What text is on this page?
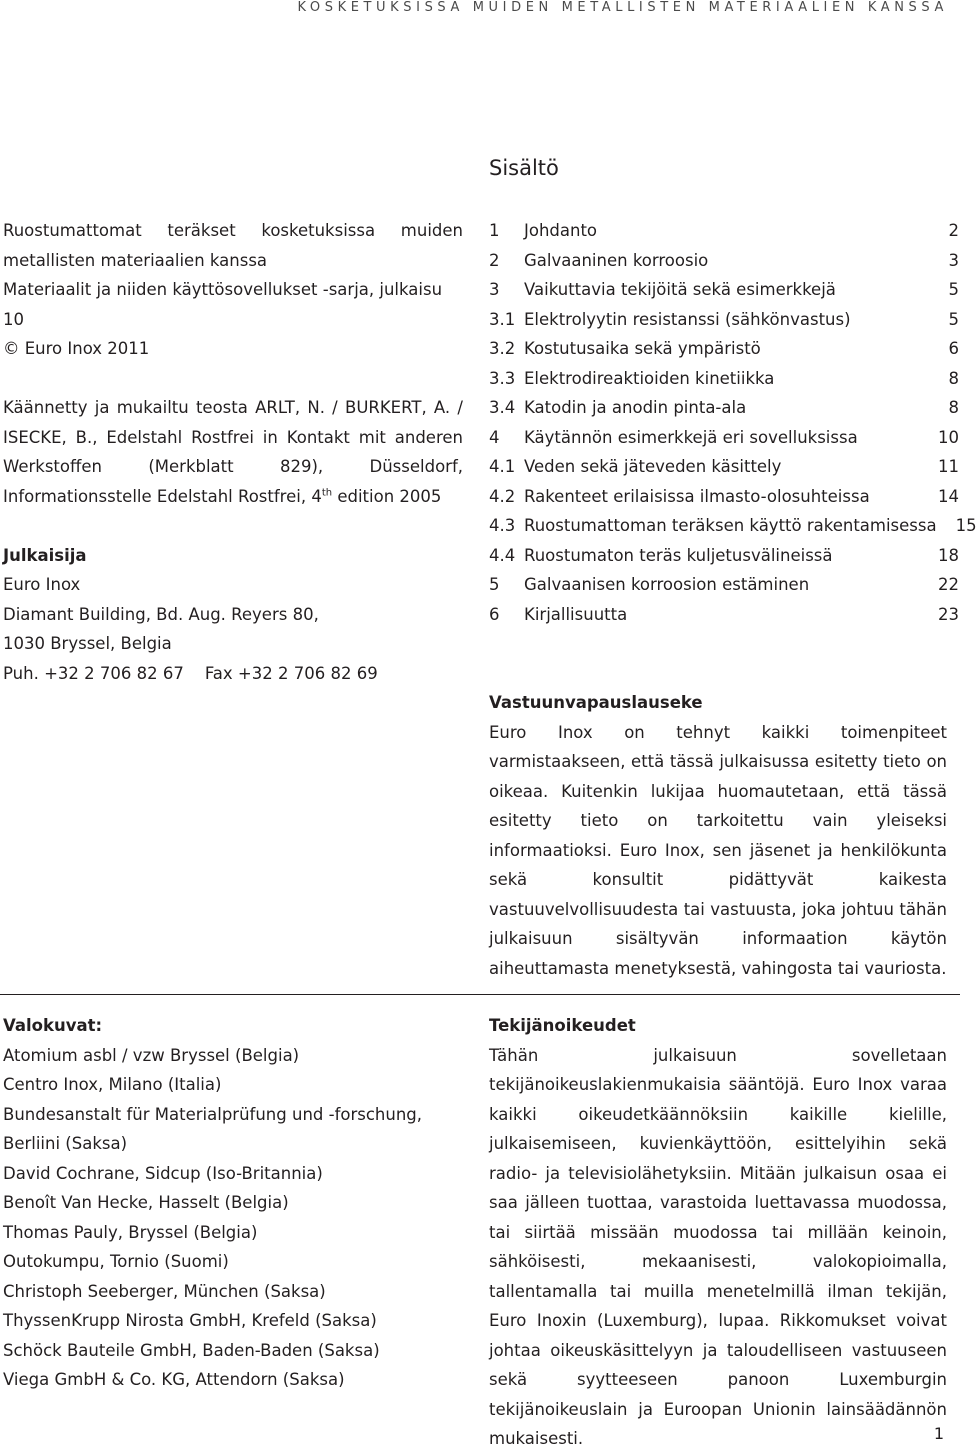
KOSKETUKSISSA MUIDEN METALLISTEN MATERIAALIEN KANSSA

Ruostumattomat teräkset kosketuksissa muiden metallisten materiaalien kanssa

Materiaalit ja niiden käyttösovellukset -sarja, julkaisu 10

© Euro Inox 2011

Käännetty ja mukailtu teosta ARLT, N. / BURKERT, A. / ISECKE, B., Edelstahl Rostfrei in Kontakt mit anderen Werkstoffen (Merkblatt 829), Düsseldorf, Informationsstelle Edelstahl Rostfrei, 4th edition 2005

Julkaisija

Euro Inox

Diamant Building, Bd. Aug. Reyers 80,

1030 Bryssel, Belgia

Puh. +32 2 706 82 67    Fax +32 2 706 82 69

Sisältö
1	Johdanto	2
2	Galvaaninen korroosio	3
3	Vaikuttavia tekijöitä sekä esimerkkejä	5
3.1 Elektrolyytin resistanssi (sähkönvastus)	5
3.2 Kostutusaika sekä ympäristö	6
3.3 Elektrodireaktioiden kinetiikka	8
3.4 Katodin ja anodin pinta-ala	8
4	Käytännön esimerkkejä eri sovelluksissa	10
4.1 Veden sekä jäteveden käsittely	11
4.2 Rakenteet erilaisissa ilmasto-olosuhteissa	14
4.3 Ruostumattoman teräksen käyttö rakentamisessa	15
4.4 Ruostumaton teräs kuljetusvälineissä	18
5	Galvaanisen korroosion estäminen	22
6	Kirjallisuutta	23
Vastuunvapauslauseke

Euro Inox on tehnyt kaikki toimenpiteet varmistaakseen, että tässä julkaisussa esitetty tieto on oikeaa. Kuitenkin lukijaa huomautetaan, että tässä esitetty tieto on tarkoitettu vain yleiseksi informaatioksi. Euro Inox, sen jäsenet ja henkilökunta sekä konsultit pidättyvät kaikesta vastuuvelvollisuudesta tai vastuusta, joka johtuu tähän julkaisuun sisältyvän informaation käytön aiheuttamasta menetyksestä, vahingosta tai vauriosta.

Valokuvat:
Atomium asbl / vzw Bryssel (Belgia)
Centro Inox, Milano (Italia)
Bundesanstalt für Materialprüfung und -forschung, Berliini (Saksa)
David Cochrane, Sidcup (Iso-Britannia)
Benoît Van Hecke, Hasselt (Belgia)
Thomas Pauly, Bryssel (Belgia)
Outokumpu, Tornio (Suomi)
Christoph Seeberger, München (Saksa)
ThyssenKrupp Nirosta GmbH, Krefeld (Saksa)
Schöck Bauteile GmbH, Baden-Baden (Saksa)
Viega GmbH & Co. KG, Attendorn (Saksa)
Tekijänoikeudet

Tähän julkaisuun sovelletaan tekijänoikeuslakienmukaisia sääntöjä. Euro Inox varaa kaikki oikeudetkäännöksiin kaikille kielille, julkaisemiseen, kuvienkäyttöön, esittelyihin sekä radio- ja televisiolähetyksiin. Mitään julkaisun osaa ei saa jälleen tuottaa, varastoida luettavassa muodossa, tai siirtää missään muodossa tai millään keinoin, sähköisesti, mekaanisesti, valokopioimalla, tallentamalla tai muilla menetelmillä ilman tekijän, Euro Inoxin (Luxemburg), lupaa. Rikkomukset voivat johtaa oikeuskäsittelyyn ja taloudelliseen vastuuseen sekä syytteeseen panoon Luxemburgin tekijänoikeuslain ja Euroopan Unionin lainsäädännön mukaisesti.	1
